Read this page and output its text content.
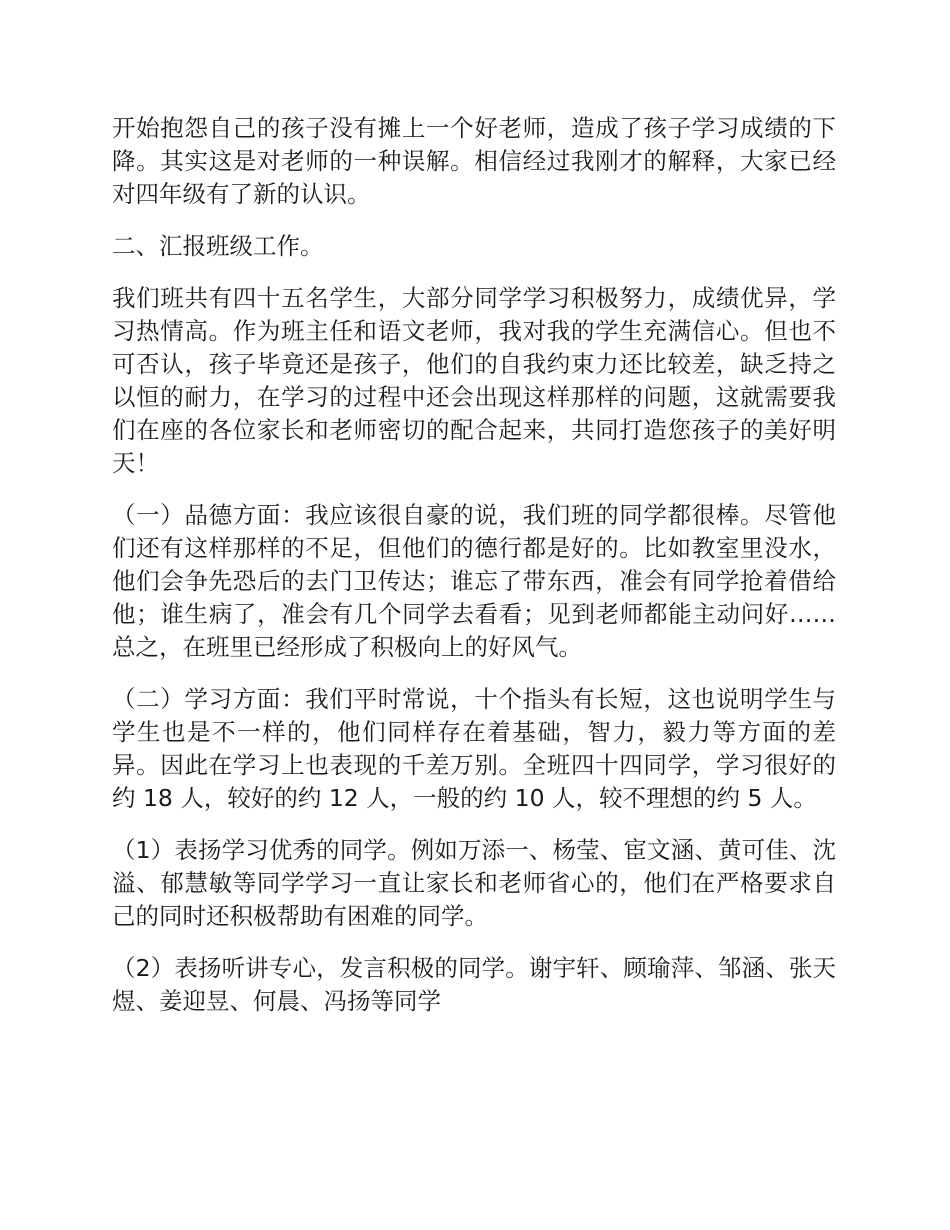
开始抱怨自己的孩子没有摊上一个好老师，造成了孩子学习成绩的下降。其实这是对老师的一种误解。相信经过我刚才的解释，大家已经对四年级有了新的认识。

二、汇报班级工作。

我们班共有四十五名学生，大部分同学学习积极努力，成绩优异，学习热情高。作为班主任和语文老师，我对我的学生充满信心。但也不可否认，孩子毕竟还是孩子，他们的自我约束力还比较差，缺乏持之以恒的耐力，在学习的过程中还会出现这样那样的问题，这就需要我们在座的各位家长和老师密切的配合起来，共同打造您孩子的美好明天！

（一）品德方面：我应该很自豪的说，我们班的同学都很棒。尽管他们还有这样那样的不足，但他们的德行都是好的。比如教室里没水，他们会争先恐后的去门卫传达；谁忘了带东西，准会有同学抢着借给他；谁生病了，准会有几个同学去看看；见到老师都能主动问好……总之，在班里已经形成了积极向上的好风气。

（二）学习方面：我们平时常说，十个指头有长短，这也说明学生与学生也是不一样的，他们同样存在着基础，智力，毅力等方面的差异。因此在学习上也表现的千差万别。全班四十四同学，学习很好的约 18 人，较好的约 12 人，一般的约 10 人，较不理想的约 5 人。

（1）表扬学习优秀的同学。例如万添一、杨莹、宦文涵、黄可佳、沈溢、郁慧敏等同学学习一直让家长和老师省心的，他们在严格要求自己的同时还积极帮助有困难的同学。

（2）表扬听讲专心，发言积极的同学。谢宇轩、顾瑜萍、邹涵、张天煜、姜迎昱、何晨、冯扬等同学
